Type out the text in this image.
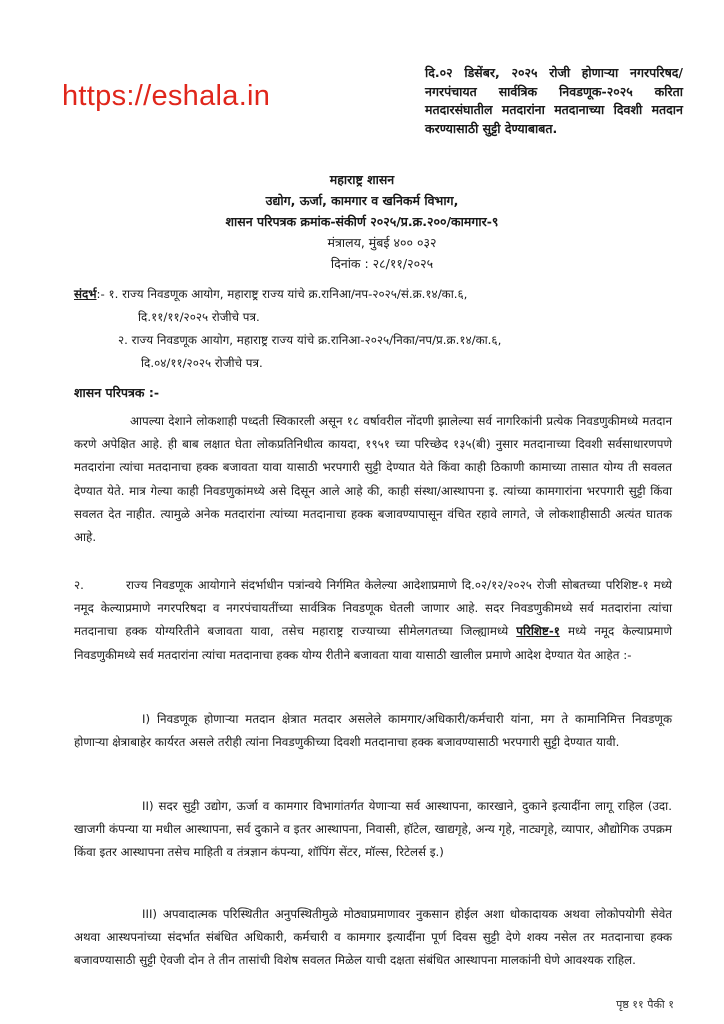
https://eshala.in
दि.०२ डिसेंबर, २०२५ रोजी होणाऱ्या नगरपरिषद/ नगरपंचायत सार्वत्रिक निवडणूक-२०२५ करिता मतदारसंघातील मतदारांना मतदानाच्या दिवशी मतदान करण्यासाठी सुट्टी देण्याबाबत.
महाराष्ट्र शासन
उद्योग, ऊर्जा, कामगार व खनिकर्म विभाग,
शासन परिपत्रक क्रमांक-संकीर्ण २०२५/प्र.क्र.२००/कामगार-९
मंत्रालय, मुंबई ४०० ०३२
दिनांक : २८/११/२०२५
संदर्भ:- १. राज्य निवडणूक आयोग, महाराष्ट्र राज्य यांचे क्र.रानिआ/नप-२०२५/सं.क्र.१४/का.६,
दि.११/११/२०२५ रोजीचे पत्र.
२. राज्य निवडणूक आयोग, महाराष्ट्र राज्य यांचे क्र.रानिआ-२०२५/निका/नप/प्र.क्र.१४/का.६,
दि.०४/११/२०२५ रोजीचे पत्र.
शासन परिपत्रक :-
आपल्या देशाने लोकशाही पध्दती स्विकारली असून १८ वर्षावरील नोंदणी झालेल्या सर्व नागरिकांनी प्रत्येक निवडणुकीमध्ये मतदान करणे अपेक्षित आहे. ही बाब लक्षात घेता लोकप्रतिनिधीत्व कायदा, १९५१ च्या परिच्छेद १३५(बी) नुसार मतदानाच्या दिवशी सर्वसाधारणपणे मतदारांना त्यांचा मतदानाचा हक्क बजावता यावा यासाठी भरपगारी सुट्टी देण्यात येते किंवा काही ठिकाणी कामाच्या तासात योग्य ती सवलत देण्यात येते. मात्र गेल्या काही निवडणुकांमध्ये असे दिसून आले आहे की, काही संस्था/आस्थापना इ. त्यांच्या कामगारांना भरपगारी सुट्टी किंवा सवलत देत नाहीत. त्यामुळे अनेक मतदारांना त्यांच्या मतदानाचा हक्क बजावण्यापासून वंचित रहावे लागते, जे लोकशाहीसाठी अत्यंत घातक आहे.
२.	राज्य निवडणूक आयोगाने संदर्भाधीन पत्रांन्वये निर्गमित केलेल्या आदेशाप्रमाणे दि.०२/१२/२०२५ रोजी सोबतच्या परिशिष्ट-१ मध्ये नमूद केल्याप्रमाणे नगरपरिषदा व नगरपंचायतींच्या सार्वत्रिक निवडणूक घेतली जाणार आहे. सदर निवडणुकीमध्ये सर्व मतदारांना त्यांचा मतदानाचा हक्क योग्यरितीने बजावता यावा, तसेच महाराष्ट्र राज्याच्या सीमेलगतच्या जिल्ह्यामध्ये परिशिष्ट-१ मध्ये नमूद केल्याप्रमाणे निवडणुकीमध्ये सर्व मतदारांना त्यांचा मतदानाचा हक्क योग्य रीतीने बजावता यावा यासाठी खालील प्रमाणे आदेश देण्यात येत आहेत :-
I) निवडणूक होणाऱ्या मतदान क्षेत्रात मतदार असलेले कामगार/अधिकारी/कर्मचारी यांना, मग ते कामानिमित्त निवडणूक होणाऱ्या क्षेत्राबाहेर कार्यरत असले तरीही त्यांना निवडणुकीच्या दिवशी मतदानाचा हक्क बजावण्यासाठी भरपगारी सुट्टी देण्यात यावी.
II) सदर सुट्टी उद्योग, ऊर्जा व कामगार विभागांतर्गत येणाऱ्या सर्व आस्थापना, कारखाने, दुकाने इत्यादींना लागू राहिल (उदा. खाजगी कंपन्या या मधील आस्थापना, सर्व दुकाने व इतर आस्थापना, निवासी, हॉटेल, खाद्यगृहे, अन्य गृहे, नाट्यगृहे, व्यापार, औद्योगिक उपक्रम किंवा इतर आस्थापना तसेच माहिती व तंत्रज्ञान कंपन्या, शॉपिंग सेंटर, मॉल्स, रिटेलर्स इ.)
III) अपवादात्मक परिस्थितीत अनुपस्थितीमुळे मोठ्याप्रमाणावर नुकसान होईल अशा धोकादायक अथवा लोकोपयोगी सेवेत अथवा आस्थपनांच्या संदर्भात संबंधित अधिकारी, कर्मचारी व कामगार इत्यादींना पूर्ण दिवस सुट्टी देणे शक्य नसेल तर मतदानाचा हक्क बजावण्यासाठी सुट्टी ऐवजी दोन ते तीन तासांची विशेष सवलत मिळेल याची दक्षता संबंधित आस्थापना मालकांनी घेणे आवश्यक राहिल.
पृष्ठ ११ पैकी १
